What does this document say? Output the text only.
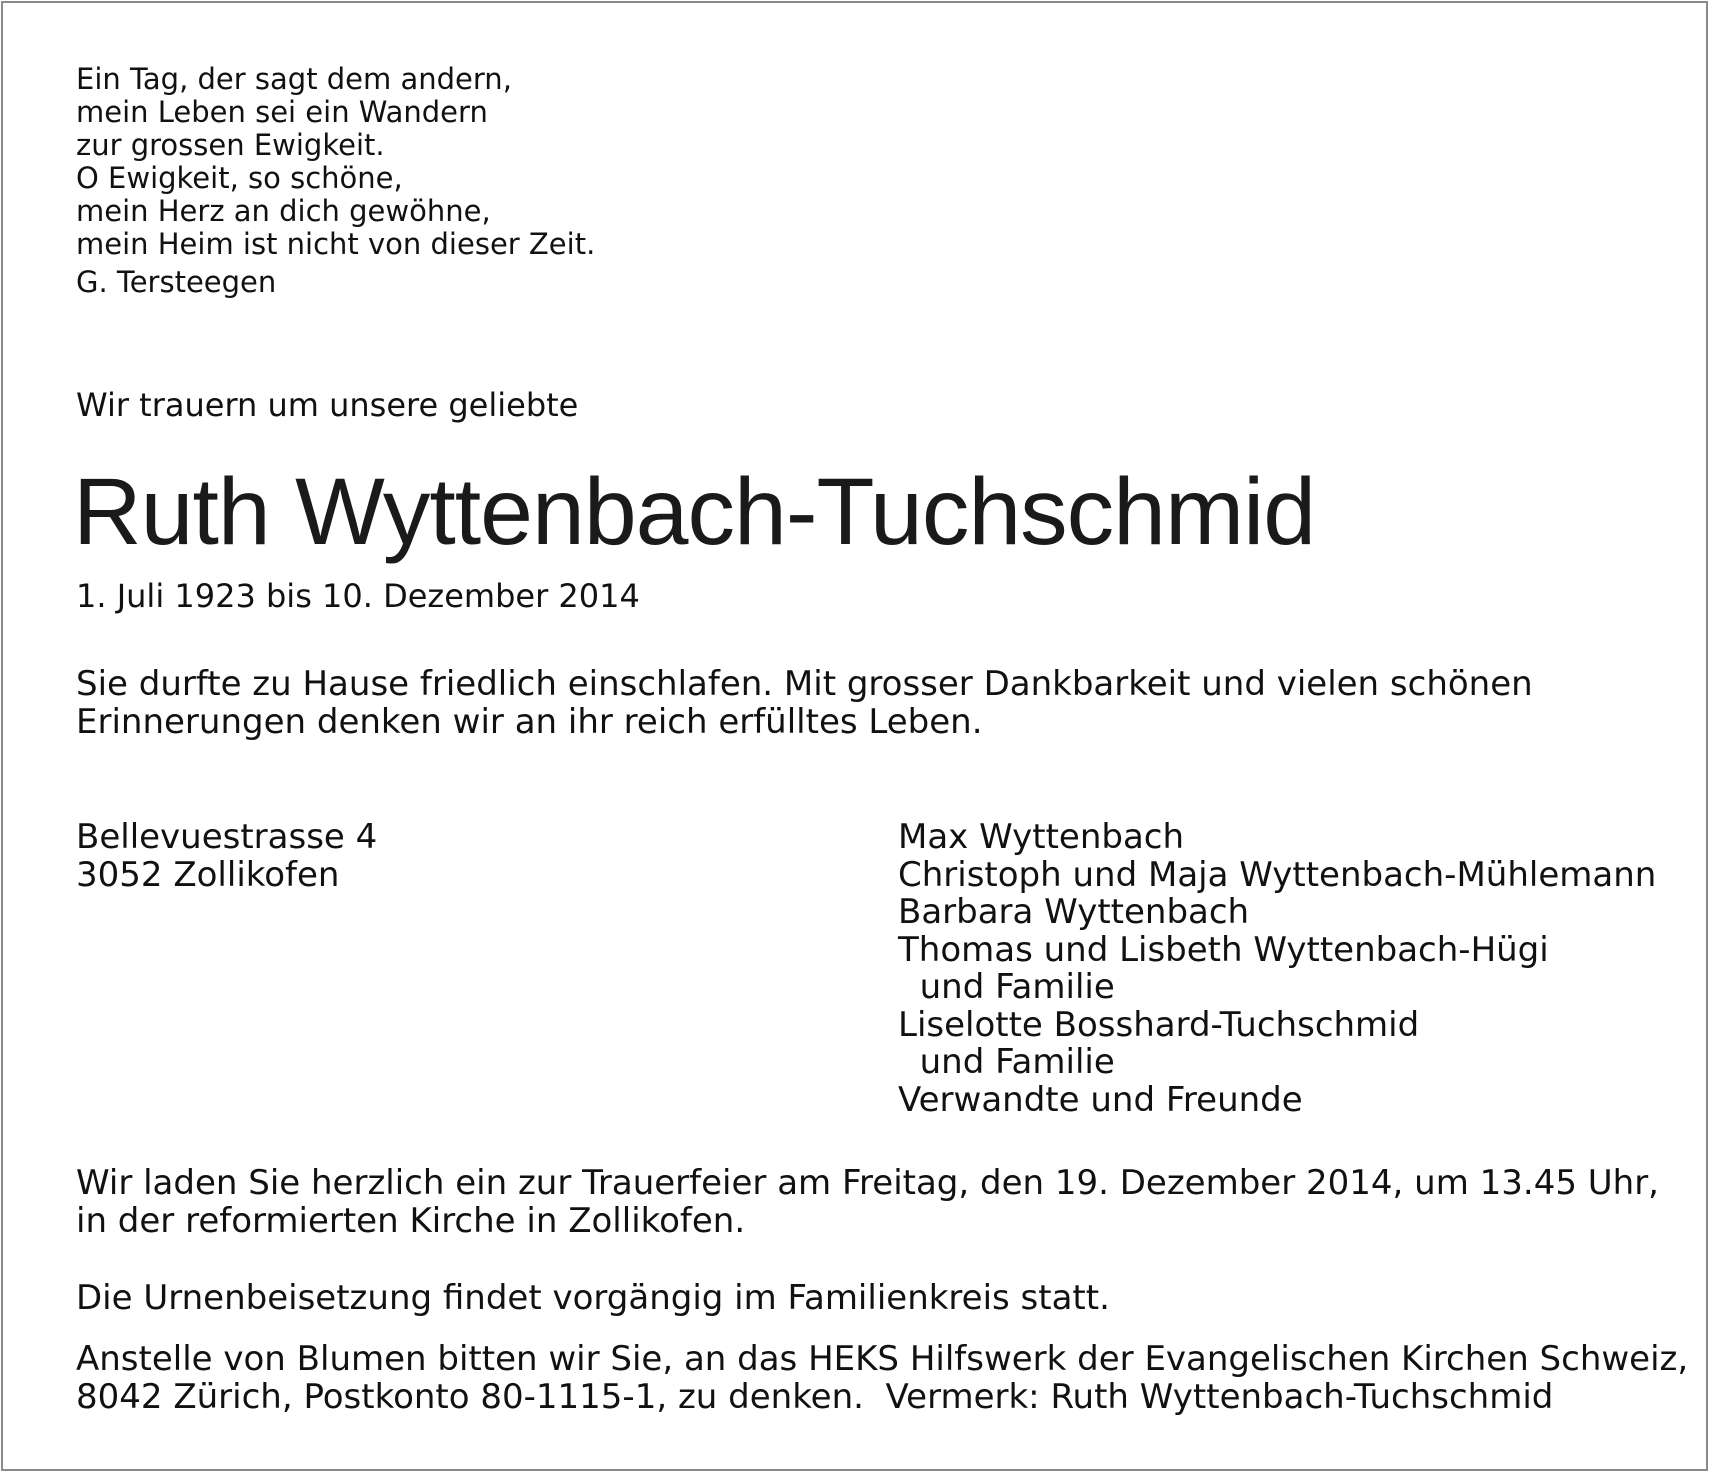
Ein Tag, der sagt dem andern,
mein Leben sei ein Wandern
zur grossen Ewigkeit.
O Ewigkeit, so schöne,
mein Herz an dich gewöhne,
mein Heim ist nicht von dieser Zeit.
G. Tersteegen
Wir trauern um unsere geliebte
Ruth Wyttenbach-Tuchschmid
1. Juli 1923 bis 10. Dezember 2014
Sie durfte zu Hause friedlich einschlafen. Mit grosser Dankbarkeit und vielen schönen
Erinnerungen denken wir an ihr reich erfülltes Leben.
Bellevuestrasse 4
3052 Zollikofen
Max Wyttenbach
Christoph und Maja Wyttenbach-Mühlemann
Barbara Wyttenbach
Thomas und Lisbeth Wyttenbach-Hügi
und Familie
Liselotte Bosshard-Tuchschmid
und Familie
Verwandte und Freunde
Wir laden Sie herzlich ein zur Trauerfeier am Freitag, den 19. Dezember 2014, um 13.45 Uhr,
in der reformierten Kirche in Zollikofen.
Die Urnenbeisetzung findet vorgängig im Familienkreis statt.
Anstelle von Blumen bitten wir Sie, an das HEKS Hilfswerk der Evangelischen Kirchen Schweiz,
8042 Zürich, Postkonto 80-1115-1, zu denken.  Vermerk: Ruth Wyttenbach-Tuchschmid
